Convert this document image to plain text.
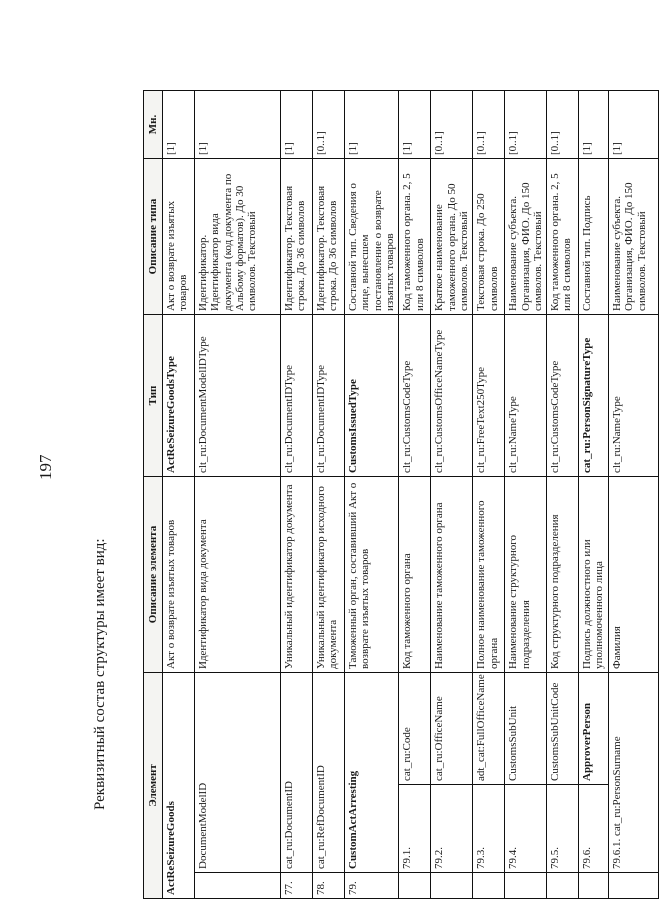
197
Реквизитный состав структуры имеет вид:	Элемент			Описание элемента	Тип	Описание типа	Мн.
ActReSeizureGoods			Акт о возврате изъятых товаров	ActReSeizureGoodsType	Акт о возврате изъятых товаров	[1]
	DocumentModelID		Идентификатор вида документа	clt_ru:DocumentModelIDType	Идентификатор. Идентификатор вида документа (код документа по Альбому форматов). До 30 символов. Текстовый	[1]
77.	cat_ru:DocumentID		Уникальный идентификатор документа	clt_ru:DocumentIDType	Идентификатор. Текстовая строка. До 36 символов	[1]
78.	cat_ru:RefDocumentID		Уникальный идентификатор исходного документа	clt_ru:DocumentIDType	Идентификатор. Текстовая строка. До 36 символов	[0..1]
79.	CustomActArresting		Таможенный орган, составивший Акт о возврате изъятых товаров	CustomsIssuedType	Составной тип. Сведения о лице, вынесшем постановление о возврате изъятых товаров	[1]
	79.1.	cat_ru:Code	Код таможенного органа	clt_ru:CustomsCodeType	Код таможенного органа. 2, 5 или 8 символов	[1]
	79.2.	cat_ru:OfficeName	Наименование таможенного органа	clt_ru:CustomsOfficeNameType	Краткое наименование таможенного органа. До 50 символов. Текстовый	[0..1]
	79.3.	adt_cat:FullOfficeName	Полное наименование таможенного органа	clt_ru:FreeText250Type	Текстовая строка. До 250 символов	[0..1]
	79.4.	CustomsSubUnit	Наименование структурного подразделения	clt_ru:NameType	Наименование субъекта. Организация, ФИО. До 150 символов. Текстовый	[0..1]
	79.5.	CustomsSubUnitCode	Код структурного подразделения	clt_ru:CustomsCodeType	Код таможенного органа. 2, 5 или 8 символов	[0..1]
	79.6.	ApproverPerson	Подпись должностного или уполномоченного лица	cat_ru:PersonSignatureType	Составной тип. Подпись	[1]
	79.6.1. cat_ru:PersonSurname		Фамилия	clt_ru:NameType	Наименование субъекта. Организация, ФИО. До 150 символов. Текстовый	[1]
